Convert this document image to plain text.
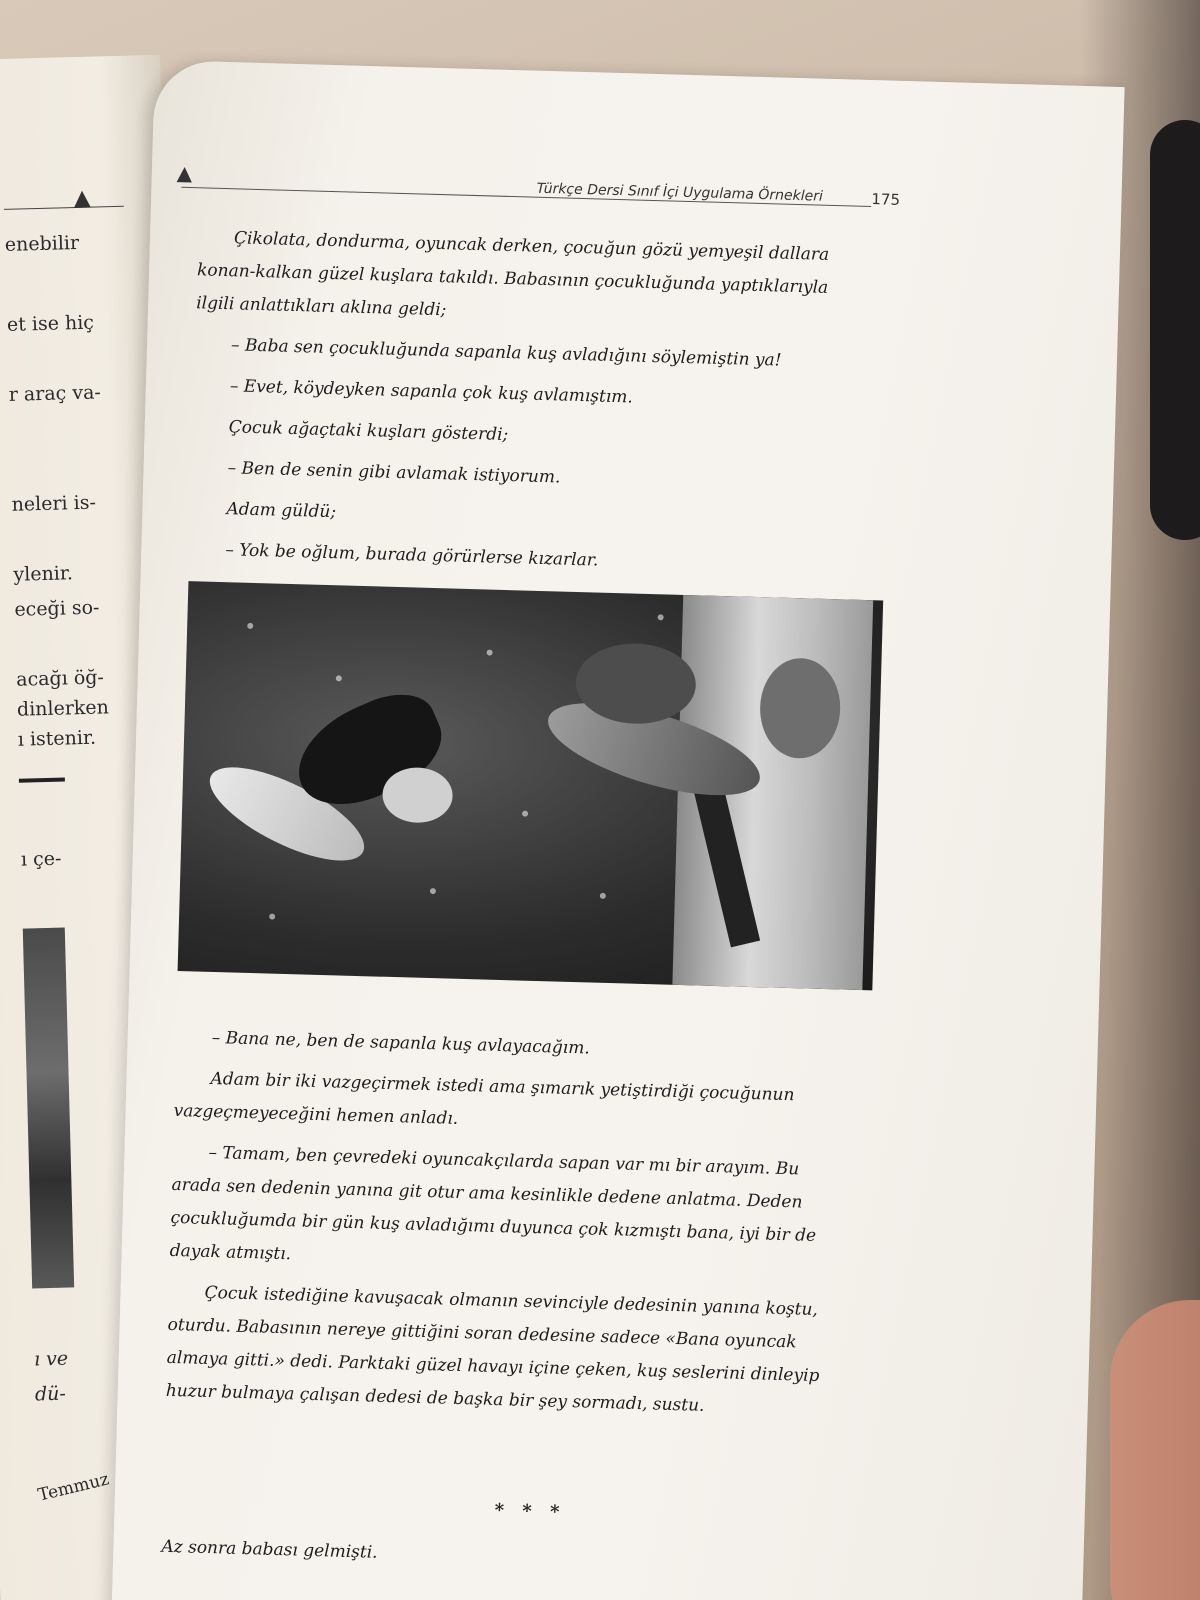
▲
enebilir
et ise hiç
r araç va-
neleri is-
ylenir.
eceği so-
acağı öğ-
dinlerken
ı istenir.
ı çe-
ı ve
dü-
Temmuz
▲
Türkçe Dersi Sınıf İçi Uygulama Örnekleri	175

Çikolata, dondurma, oyuncak derken, çocuğun gözü yemyeşil dallara konan-kalkan güzel kuşlara takıldı. Babasının çocukluğunda yaptıklarıyla ilgili anlattıkları aklına geldi;

– Baba sen çocukluğunda sapanla kuş avladığını söylemiştin ya!

– Evet, köydeyken sapanla çok kuş avlamıştım.

Çocuk ağaçtaki kuşları gösterdi;

– Ben de senin gibi avlamak istiyorum.

Adam güldü;

– Yok be oğlum, burada görürlerse kızarlar.

– Bana ne, ben de sapanla kuş avlayacağım.

Adam bir iki vazgeçirmek istedi ama şımarık yetiştirdiği çocuğunun vazgeçmeyeceğini hemen anladı.

– Tamam, ben çevredeki oyuncakçılarda sapan var mı bir arayım. Bu arada sen dedenin yanına git otur ama kesinlikle dedene anlatma. Deden çocukluğumda bir gün kuş avladığımı duyunca çok kızmıştı bana, iyi bir de dayak atmıştı.

Çocuk istediğine kavuşacak olmanın sevinciyle dedesinin yanına koştu, oturdu. Babasının nereye gittiğini soran dedesine sadece «Bana oyuncak almaya gitti.» dedi. Parktaki güzel havayı içine çeken, kuş seslerini dinleyip huzur bulmaya çalışan dedesi de başka bir şey sormadı, sustu.

* * *

Az sonra babası gelmişti.
